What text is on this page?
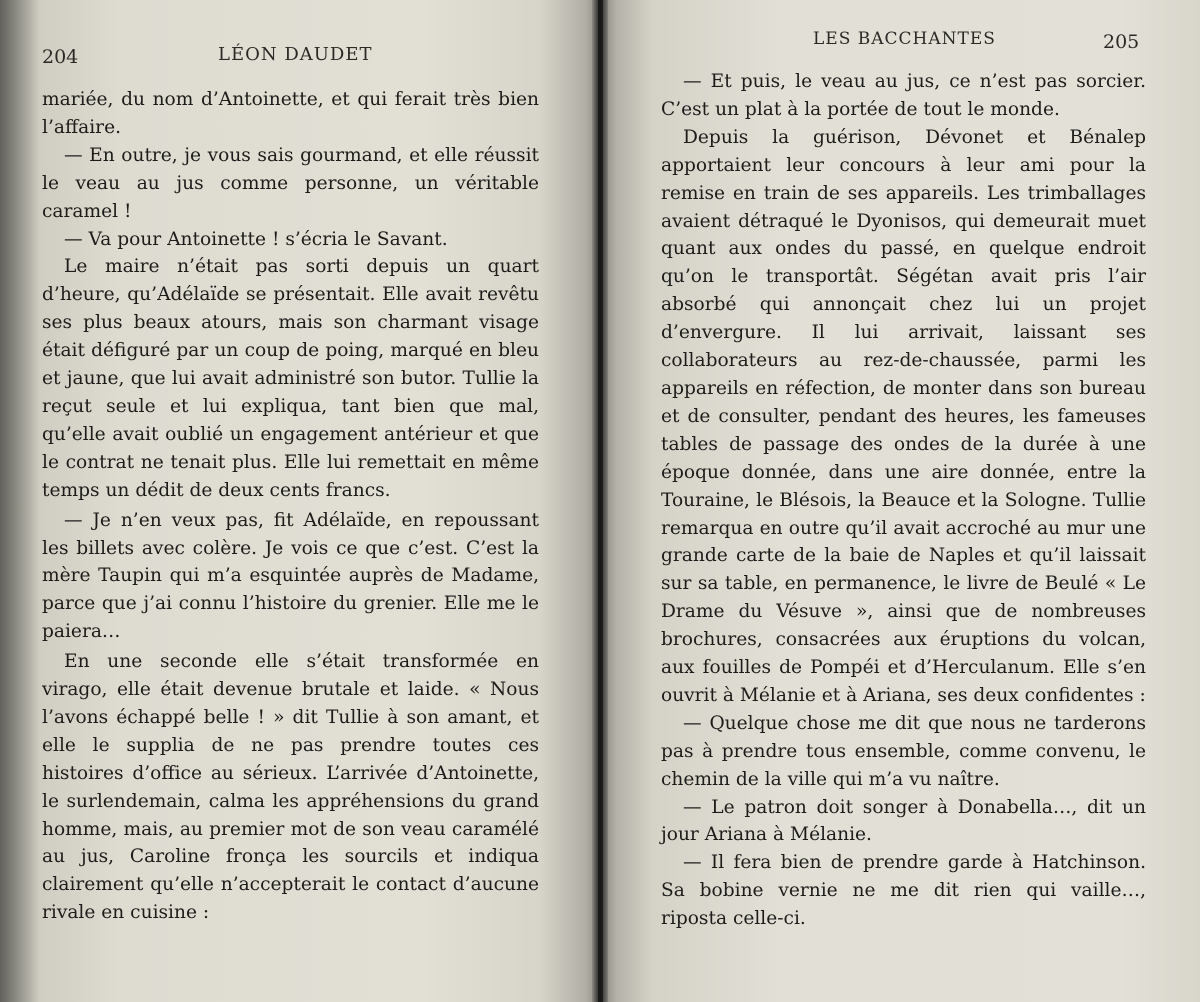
204	LÉON DAUDET

mariée, du nom d’Antoinette, et qui ferait très bien l’affaire.

— En outre, je vous sais gourmand, et elle réussit le veau au jus comme personne, un véritable caramel !

— Va pour Antoinette ! s’écria le Savant.

Le maire n’était pas sorti depuis un quart d’heure, qu’Adélaïde se présentait. Elle avait revêtu ses plus beaux atours, mais son charmant visage était défiguré par un coup de poing, marqué en bleu et jaune, que lui avait administré son butor. Tullie la reçut seule et lui expliqua, tant bien que mal, qu’elle avait oublié un engagement antérieur et que le contrat ne tenait plus. Elle lui remettait en même temps un dédit de deux cents francs.

— Je n’en veux pas, fit Adélaïde, en repoussant les billets avec colère. Je vois ce que c’est. C’est la mère Taupin qui m’a esquintée auprès de Madame, parce que j’ai connu l’histoire du grenier. Elle me le paiera…

En une seconde elle s’était transformée en virago, elle était devenue brutale et laide. « Nous l’avons échappé belle ! » dit Tullie à son amant, et elle le supplia de ne pas prendre toutes ces histoires d’office au sérieux. L’arrivée d’Antoinette, le surlendemain, calma les appréhensions du grand homme, mais, au premier mot de son veau caramélé au jus, Caroline fronça les sourcils et indiqua clairement qu’elle n’accepterait le contact d’aucune rivale en cuisine :

LES BACCHANTES	205

— Et puis, le veau au jus, ce n’est pas sorcier. C’est un plat à la portée de tout le monde.

Depuis la guérison, Dévonet et Bénalep apportaient leur concours à leur ami pour la remise en train de ses appareils. Les trimballages avaient détraqué le Dyonisos, qui demeurait muet quant aux ondes du passé, en quelque endroit qu’on le transportât. Ségétan avait pris l’air absorbé qui annonçait chez lui un projet d’envergure. Il lui arrivait, laissant ses collaborateurs au rez-de-chaussée, parmi les appareils en réfection, de monter dans son bureau et de consulter, pendant des heures, les fameuses tables de passage des ondes de la durée à une époque donnée, dans une aire donnée, entre la Touraine, le Blésois, la Beauce et la Sologne. Tullie remarqua en outre qu’il avait accroché au mur une grande carte de la baie de Naples et qu’il laissait sur sa table, en permanence, le livre de Beulé « Le Drame du Vésuve », ainsi que de nombreuses brochures, consacrées aux éruptions du volcan, aux fouilles de Pompéi et d’Herculanum. Elle s’en ouvrit à Mélanie et à Ariana, ses deux confidentes :

— Quelque chose me dit que nous ne tarderons pas à prendre tous ensemble, comme convenu, le chemin de la ville qui m’a vu naître.

— Le patron doit songer à Donabella…, dit un jour Ariana à Mélanie.

— Il fera bien de prendre garde à Hatchinson. Sa bobine vernie ne me dit rien qui vaille…, riposta celle-ci.
